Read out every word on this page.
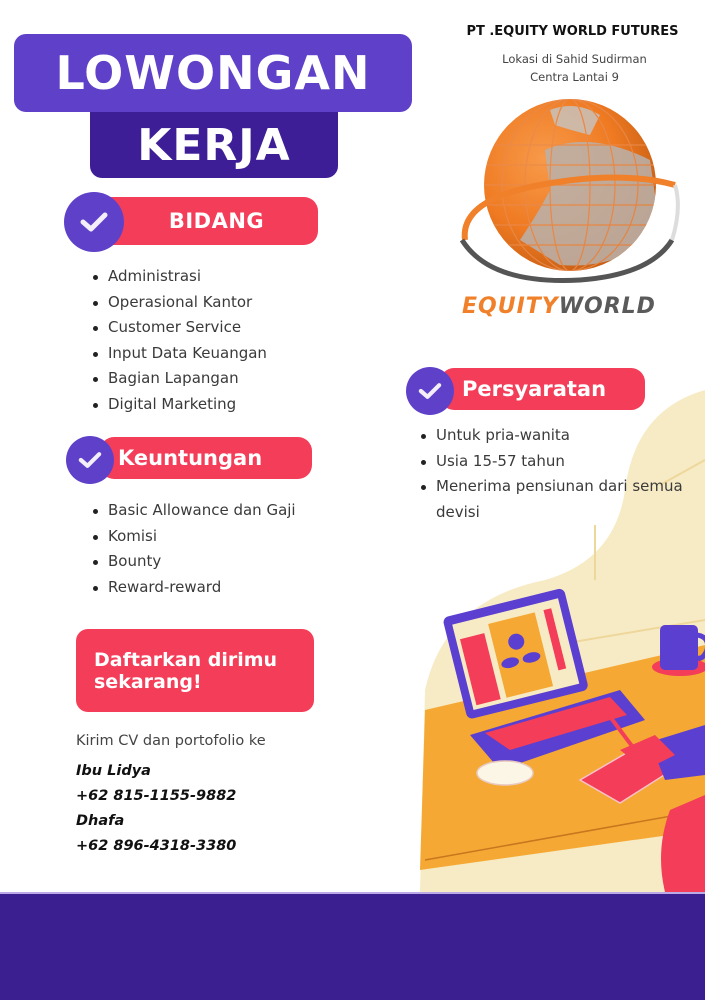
LOWONGAN
KERJA
PT .EQUITY WORLD FUTURES
Lokasi di Sahid Sudirman
Centra Lantai 9
EQUITYWORLD
BIDANG
Administrasi
Operasional Kantor
Customer Service
Input Data Keuangan
Bagian Lapangan
Digital Marketing
Keuntungan
Basic Allowance dan Gaji
Komisi
Bounty
Reward-reward
Persyaratan
Untuk pria-wanita
Usia 15-57 tahun
Menerima pensiunan dari semua devisi
Daftarkan dirimu
sekarang!
Kirim CV dan portofolio ke
Ibu Lidya
+62 815-1155-9882
Dhafa
+62 896-4318-3380
